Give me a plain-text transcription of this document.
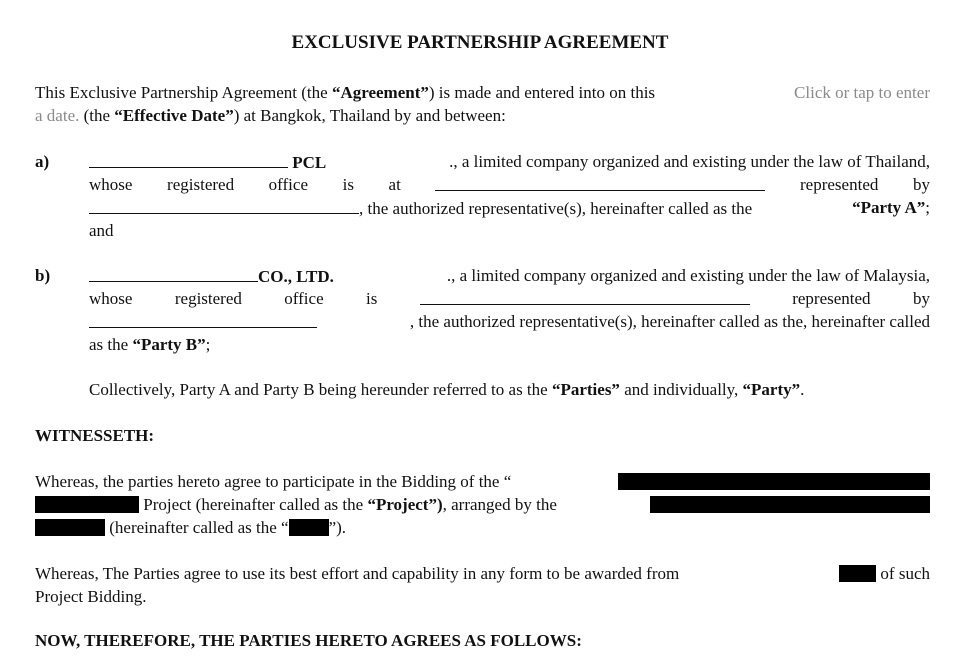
EXCLUSIVE PARTNERSHIP AGREEMENT
This Exclusive Partnership Agreement (the “Agreement”) is made and entered into on this	Click or tap to enter
a date. (the “Effective Date”) at Bangkok, Thailand by and between:
a)	PCL	., a limited company organized and existing under the law of Thailand,
whose registered office is at	represented by
, the authorized representative(s), hereinafter called as the	“Party A”;
and
b)	CO., LTD.	., a limited company organized and existing under the law of Malaysia,
whose registered office is	represented by
, the authorized representative(s), hereinafter called as the, hereinafter called
as the “Party B”;
Collectively, Party A and Party B being hereunder referred to as the “Parties” and individually, “Party”.
WITNESSETH:
Whereas, the parties hereto agree to participate in the Bidding of the “
Project (hereinafter called as the “Project”), arranged by the
(hereinafter called as the “ ”).
Whereas, The Parties agree to use its best effort and capability in any form to be awarded from	of such
Project Bidding.
NOW, THEREFORE, THE PARTIES HERETO AGREES AS FOLLOWS:
